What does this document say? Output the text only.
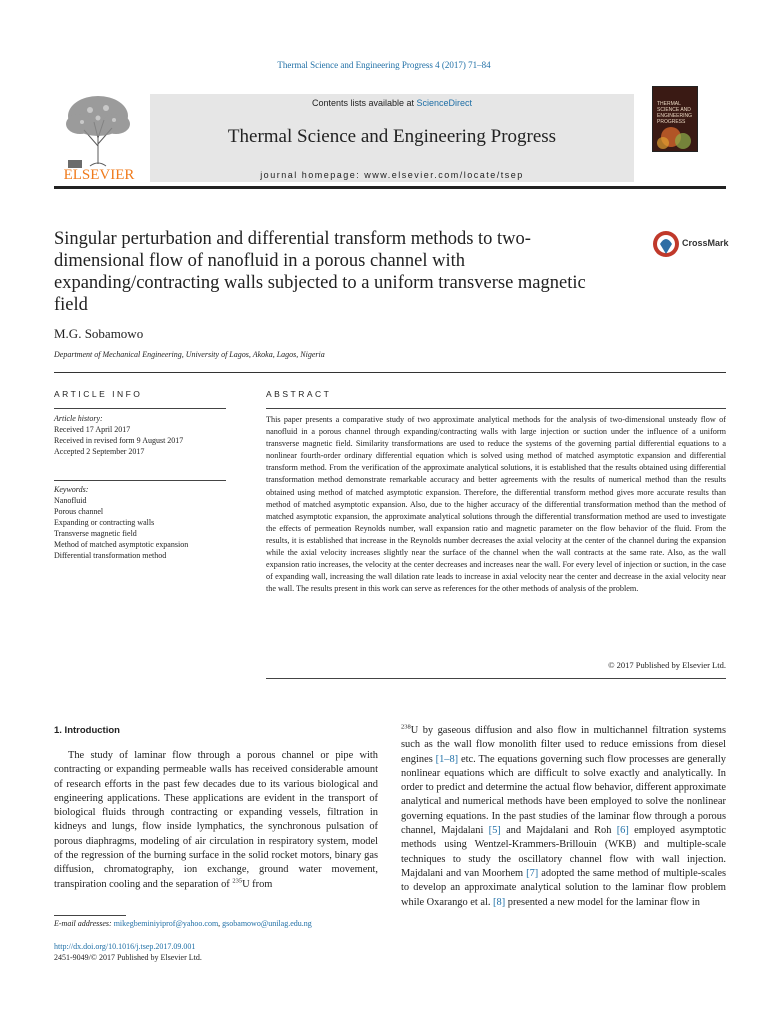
Thermal Science and Engineering Progress 4 (2017) 71–84
ELSEVIER
Contents lists available at ScienceDirect
Thermal Science and Engineering Progress
journal homepage: www.elsevier.com/locate/tsep
THERMAL SCIENCE AND ENGINEERING PROGRESS
Singular perturbation and differential transform methods to two-dimensional flow of nanofluid in a porous channel with expanding/contracting walls subjected to a uniform transverse magnetic field
CrossMark
M.G. Sobamowo
Department of Mechanical Engineering, University of Lagos, Akoka, Lagos, Nigeria
ARTICLE INFO	ABSTRACT
Article history:
Received 17 April 2017
Received in revised form 9 August 2017
Accepted 2 September 2017
Keywords:
Nanofluid
Porous channel
Expanding or contracting walls
Transverse magnetic field
Method of matched asymptotic expansion
Differential transformation method
This paper presents a comparative study of two approximate analytical methods for the analysis of two-dimensional unsteady flow of nanofluid in a porous channel through expanding/contracting walls with large injection or suction under the influence of a uniform transverse magnetic field. Similarity transformations are used to reduce the systems of the governing partial differential equations to a nonlinear fourth-order ordinary differential equation which is solved using method of matched asymptotic expansion and differential transform method. From the verification of the approximate analytical solutions, it is established that the results obtained using differential transformation method demonstrate remarkable accuracy and better agreements with the results of numerical method than the results obtained using method of matched asymptotic expansion. Therefore, the differential transform method gives more accurate results than method of matched asymptotic expansion. Also, due to the higher accuracy of the differential transformation method than the method of matched asymptotic expansion, the approximate analytical solutions through the differential transformation method are used to investigate the effects of permeation Reynolds number, wall expansion ratio and magnetic parameter on the flow behavior of the fluid. From the results, it is established that increase in the Reynolds number decreases the axial velocity at the center of the channel during the expansion while the axial velocity increases slightly near the surface of the channel when the wall contracts at the same rate. Also, as the wall expansion ratio increases, the velocity at the center decreases and increases near the wall. For every level of injection or suction, in the case of expanding wall, increasing the wall dilation rate leads to increase in axial velocity near the center and decrease in the axial velocity near the wall. The results present in this work can serve as references for the other methods of analysis of the problem.
© 2017 Published by Elsevier Ltd.
1. Introduction
The study of laminar flow through a porous channel or pipe with contracting or expanding permeable walls has received considerable amount of research efforts in the past few decades due to its various biological and engineering applications. These applications are evident in the transport of biological fluids through contracting or expanding vessels, filtration in kidneys and lungs, flow inside lymphatics, the synchronous pulsation of porous diaphragms, modeling of air circulation in respiratory system, model of the regression of the burning surface in the solid rocket motors, binary gas diffusion, chromatography, ion exchange, ground water movement, transpiration cooling and the separation of $^{235}$U from
$^{238}$U by gaseous diffusion and also flow in multichannel filtration systems such as the wall flow monolith filter used to reduce emissions from diesel engines [1–8] etc. The equations governing such flow processes are generally nonlinear equations which are difficult to solve exactly and analytically. In order to predict and determine the actual flow behavior, different approximate analytical and numerical methods have been employed to solve the nonlinear governing equations. In the past studies of the laminar flow through a porous channel, Majdalani [5] and Majdalani and Roh [6] employed asymptotic methods using Wentzel-Krammers-Brillouin (WKB) and multiple-scale techniques to study the oscillatory channel flow with wall injection. Majdalani and van Moorhem [7] adopted the same method of multiple-scales to develop an approximate analytical solution to the laminar flow problem while Oxarango et al. [8] presented a new model for the laminar flow in
E-mail addresses: mikegbeminiyiprof@yahoo.com, gsobamowo@unilag.edu.ng
http://dx.doi.org/10.1016/j.tsep.2017.09.001
2451-9049/© 2017 Published by Elsevier Ltd.
